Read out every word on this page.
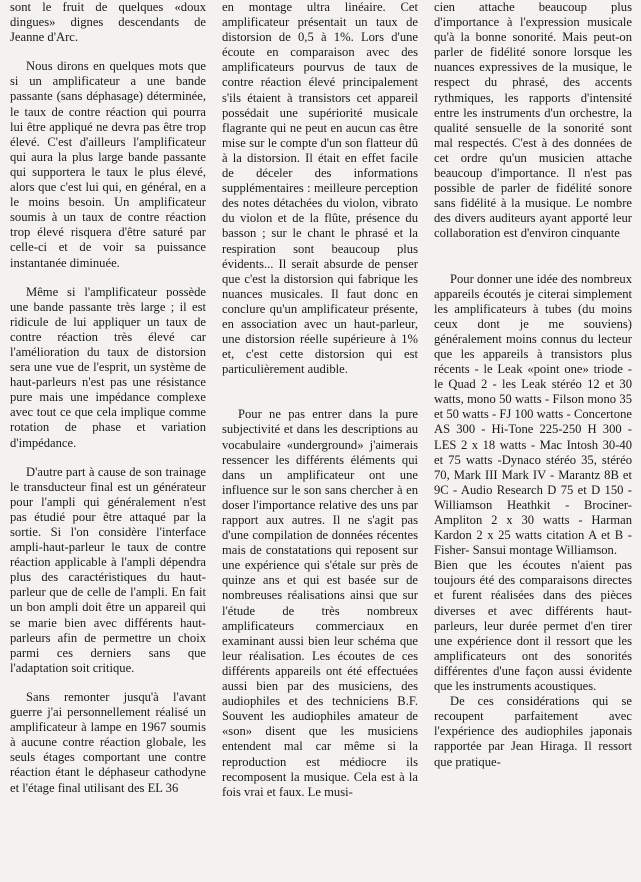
sont le fruit de quelques «doux dingues» dignes descendants de Jeanne d'Arc.

Nous dirons en quelques mots que si un amplificateur a une bande passante (sans déphasage) déterminée, le taux de contre réaction qui pourra lui être appliqué ne devra pas être trop élevé. C'est d'ailleurs l'amplificateur qui aura la plus large bande passante qui supportera le taux le plus élevé, alors que c'est lui qui, en général, en a le moins besoin. Un amplificateur soumis à un taux de contre réaction trop élevé risquera d'être saturé par celle-ci et de voir sa puissance instantanée diminuée.

Même si l'amplificateur possède une bande passante très large ; il est ridicule de lui appliquer un taux de contre réaction très élevé car l'amélioration du taux de distorsion sera une vue de l'esprit, un système de haut-parleurs n'est pas une résistance pure mais une impédance complexe avec tout ce que cela implique comme rotation de phase et variation d'impédance.

D'autre part à cause de son trainage le transducteur final est un générateur pour l'ampli qui généralement n'est pas étudié pour être attaqué par la sortie. Si l'on considère l'interface ampli-haut-parleur le taux de contre réaction applicable à l'ampli dépendra plus des caractéristiques du haut-parleur que de celle de l'ampli. En fait un bon ampli doit être un appareil qui se marie bien avec différents haut-parleurs afin de permettre un choix parmi ces derniers sans que l'adaptation soit critique.

Sans remonter jusqu'à l'avant guerre j'ai personnellement réalisé un amplificateur à lampe en 1967 soumis à aucune contre réaction globale, les seuls étages comportant une contre réaction étant le déphaseur cathodyne et l'étage final utilisant des EL 36

en montage ultra linéaire. Cet amplificateur présentait un taux de distorsion de 0,5 à 1%. Lors d'une écoute en comparaison avec des amplificateurs pourvus de taux de contre réaction élevé principalement s'ils étaient à transistors cet appareil possédait une supériorité musicale flagrante qui ne peut en aucun cas être mise sur le compte d'un son flatteur dû à la distorsion. Il était en effet facile de déceler des informations supplémentaires : meilleure perception des notes détachées du violon, vibrato du violon et de la flûte, présence du basson ; sur le chant le phrasé et la respiration sont beaucoup plus évidents... Il serait absurde de penser que c'est la distorsion qui fabrique les nuances musicales. Il faut donc en conclure qu'un amplificateur présente, en association avec un haut-parleur, une distorsion réelle supérieure à 1% et, c'est cette distorsion qui est particulièrement audible.

Pour ne pas entrer dans la pure subjectivité et dans les descriptions au vocabulaire «underground» j'aimerais ressencer les différents éléments qui dans un amplificateur ont une influence sur le son sans chercher à en doser l'importance relative des uns par rapport aux autres. Il ne s'agit pas d'une compilation de données récentes mais de constatations qui reposent sur une expérience qui s'étale sur près de quinze ans et qui est basée sur de nombreuses réalisations ainsi que sur l'étude de très nombreux amplificateurs commerciaux en examinant aussi bien leur schéma que leur réalisation. Les écoutes de ces différents appareils ont été effectuées aussi bien par des musiciens, des audiophiles et des techniciens B.F. Souvent les audiophiles amateur de «son» disent que les musiciens entendent mal car même si la reproduction est médiocre ils recomposent la musique. Cela est à la fois vrai et faux. Le musi-

cien attache beaucoup plus d'importance à l'expression musicale qu'à la bonne sonorité. Mais peut-on parler de fidélité sonore lorsque les nuances expressives de la musique, le respect du phrasé, des accents rythmiques, les rapports d'intensité entre les instruments d'un orchestre, la qualité sensuelle de la sonorité sont mal respectés. C'est à des données de cet ordre qu'un musicien attache beaucoup d'importance. Il n'est pas possible de parler de fidélité sonore sans fidélité à la musique. Le nombre des divers auditeurs ayant apporté leur collaboration est d'environ cinquante

Pour donner une idée des nombreux appareils écoutés je citerai simplement les amplificateurs à tubes (du moins ceux dont je me souviens) généralement moins connus du lecteur que les appareils à transistors plus récents - le Leak «point one» triode - le Quad 2 - les Leak stéréo 12 et 30 watts, mono 50 watts - Filson mono 35 et 50 watts - FJ 100 watts - Concertone AS 300 - Hi-Tone 225-250 H 300 - LES 2 x 18 watts - Mac Intosh 30-40 et 75 watts -Dynaco stéréo 35, stéréo 70, Mark III Mark IV - Marantz 8B et 9C - Audio Research D 75 et D 150 - Williamson Heathkit - Brociner-Ampliton 2 x 30 watts - Harman Kardon 2 x 25 watts citation A et B - Fisher- Sansui montage Williamson.

Bien que les écoutes n'aient pas toujours été des comparaisons directes et furent réalisées dans des pièces diverses et avec différents haut-parleurs, leur durée permet d'en tirer une expérience dont il ressort que les amplificateurs ont des sonorités différentes d'une façon aussi évidente que les instruments acoustiques.

De ces considérations qui se recoupent parfaitement avec l'expérience des audiophiles japonais rapportée par Jean Hiraga. Il ressort que pratique-
